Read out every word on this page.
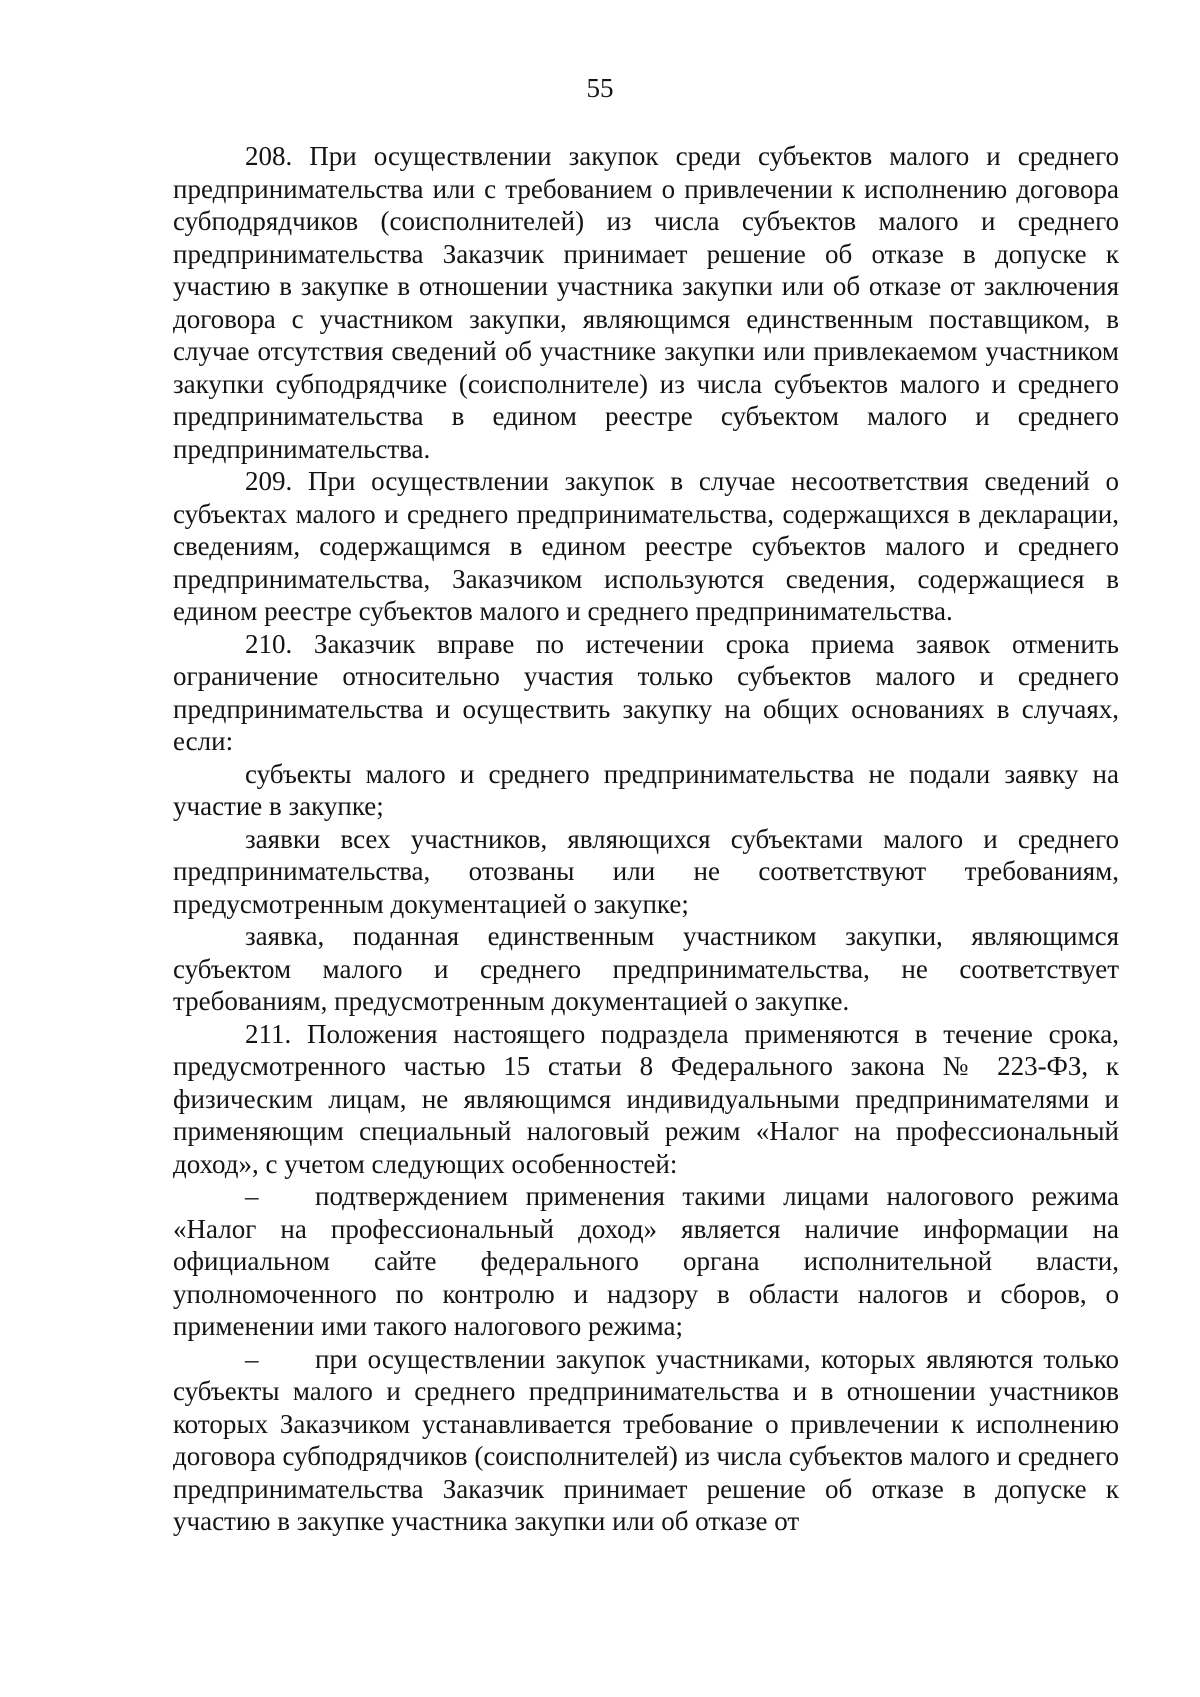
55

208. При осуществлении закупок среди субъектов малого и среднего предпринимательства или с требованием о привлечении к исполнению договора субподрядчиков (соисполнителей) из числа субъектов малого и среднего предпринимательства Заказчик принимает решение об отказе в допуске к участию в закупке в отношении участника закупки или об отказе от заключения договора с участником закупки, являющимся единственным поставщиком, в случае отсутствия сведений об участнике закупки или привлекаемом участником закупки субподрядчике (соисполнителе) из числа субъектов малого и среднего предпринимательства в едином реестре субъектом малого и среднего предпринимательства.

209. При осуществлении закупок в случае несоответствия сведений о субъектах малого и среднего предпринимательства, содержащихся в декларации, сведениям, содержащимся в едином реестре субъектов малого и среднего предпринимательства, Заказчиком используются сведения, содержащиеся в едином реестре субъектов малого и среднего предпринимательства.

210. Заказчик вправе по истечении срока приема заявок отменить ограничение относительно участия только субъектов малого и среднего предпринимательства и осуществить закупку на общих основаниях в случаях, если:

субъекты малого и среднего предпринимательства не подали заявку на участие в закупке;

заявки всех участников, являющихся субъектами малого и среднего предпринимательства, отозваны или не соответствуют требованиям, предусмотренным документацией о закупке;

заявка, поданная единственным участником закупки, являющимся субъектом малого и среднего предпринимательства, не соответствует требованиям, предусмотренным документацией о закупке.

211. Положения настоящего подраздела применяются в течение срока, предусмотренного частью 15 статьи 8 Федерального закона № 223-ФЗ, к физическим лицам, не являющимся индивидуальными предпринимателями и применяющим специальный налоговый режим «Налог на профессиональный доход», с учетом следующих особенностей:

– подтверждением применения такими лицами налогового режима «Налог на профессиональный доход» является наличие информации на официальном сайте федерального органа исполнительной власти, уполномоченного по контролю и надзору в области налогов и сборов, о применении ими такого налогового режима;

– при осуществлении закупок участниками, которых являются только субъекты малого и среднего предпринимательства и в отношении участников которых Заказчиком устанавливается требование о привлечении к исполнению договора субподрядчиков (соисполнителей) из числа субъектов малого и среднего предпринимательства Заказчик принимает решение об отказе в допуске к участию в закупке участника закупки или об отказе от
